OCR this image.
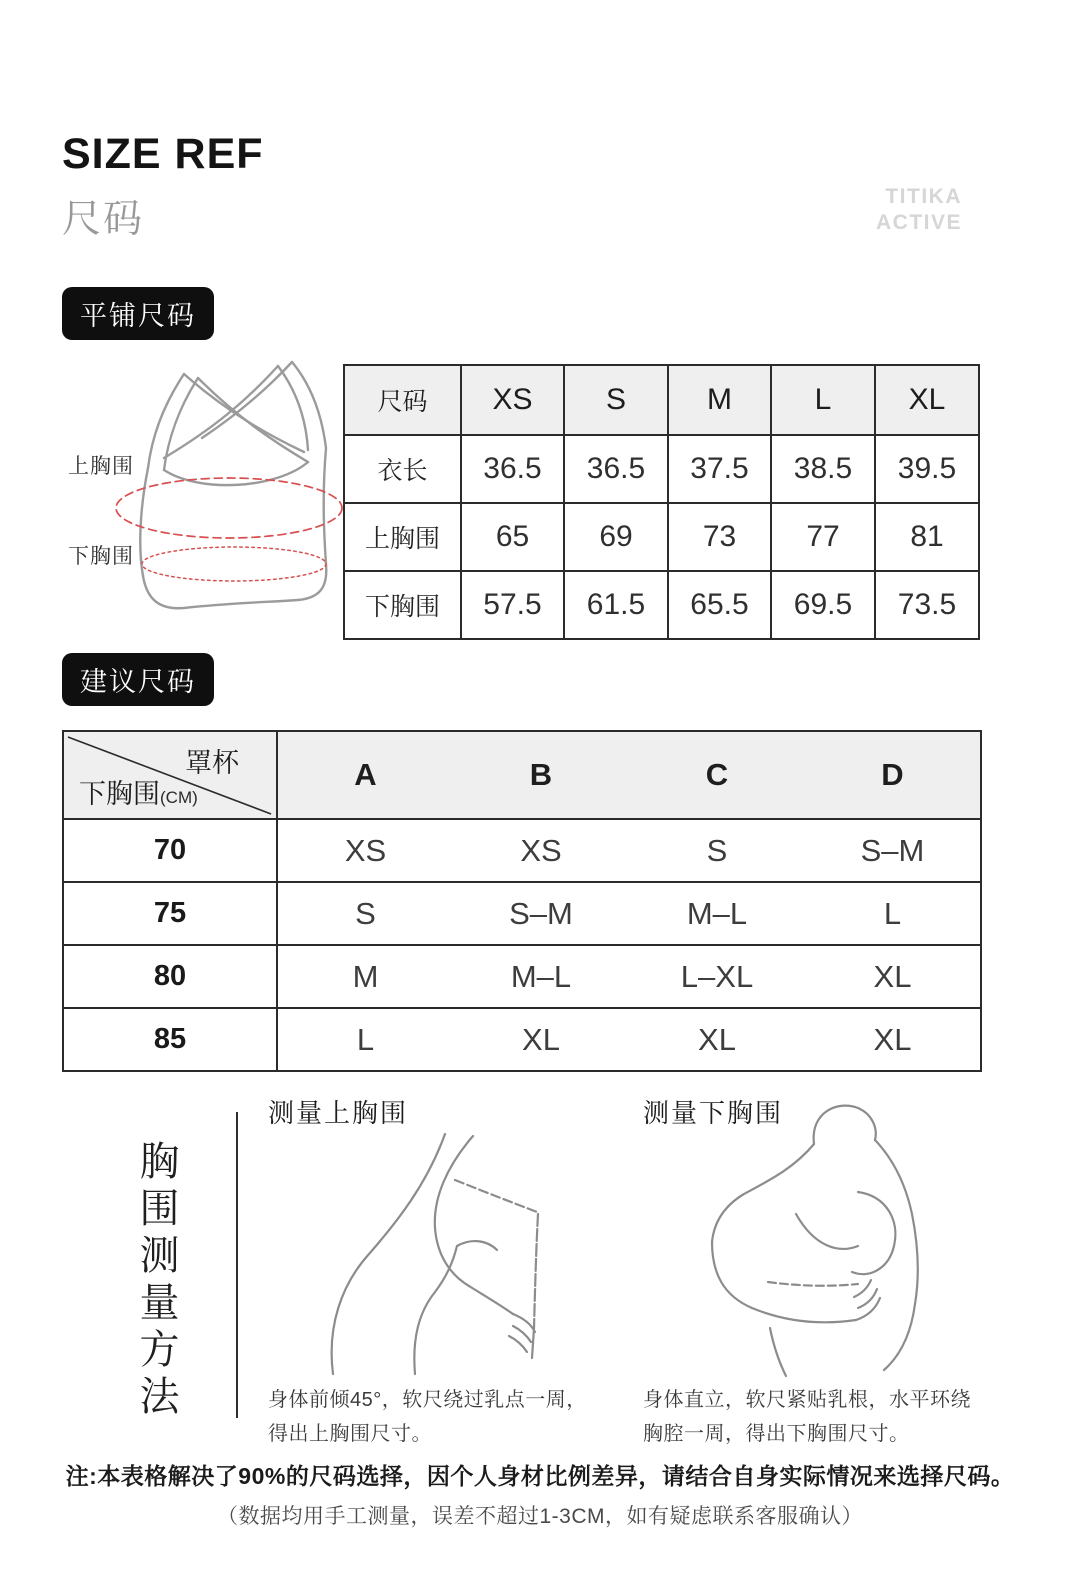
SIZE REF
尺码
TITIKA
ACTIVE
平铺尺码
上胸围
下胸围
尺码	XS	S	M	L	XL
衣长	36.5	36.5	37.5	38.5	39.5
上胸围	65	69	73	77	81
下胸围	57.5	61.5	65.5	69.5	73.5
建议尺码
罩杯
下胸围(CM)	A	B	C	D
70	XS	XS	S	S–M
75	S	S–M	M–L	L
80	M	M–L	L–XL	XL
85	L	XL	XL	XL
胸围测量方法
测量上胸围
身体前倾45°，软尺绕过乳点一周，
得出上胸围尺寸。
测量下胸围
身体直立，软尺紧贴乳根，水平环绕
胸腔一周，得出下胸围尺寸。
注:本表格解决了90%的尺码选择，因个人身材比例差异，请结合自身实际情况来选择尺码。
（数据均用手工测量，误差不超过1-3CM，如有疑虑联系客服确认）
